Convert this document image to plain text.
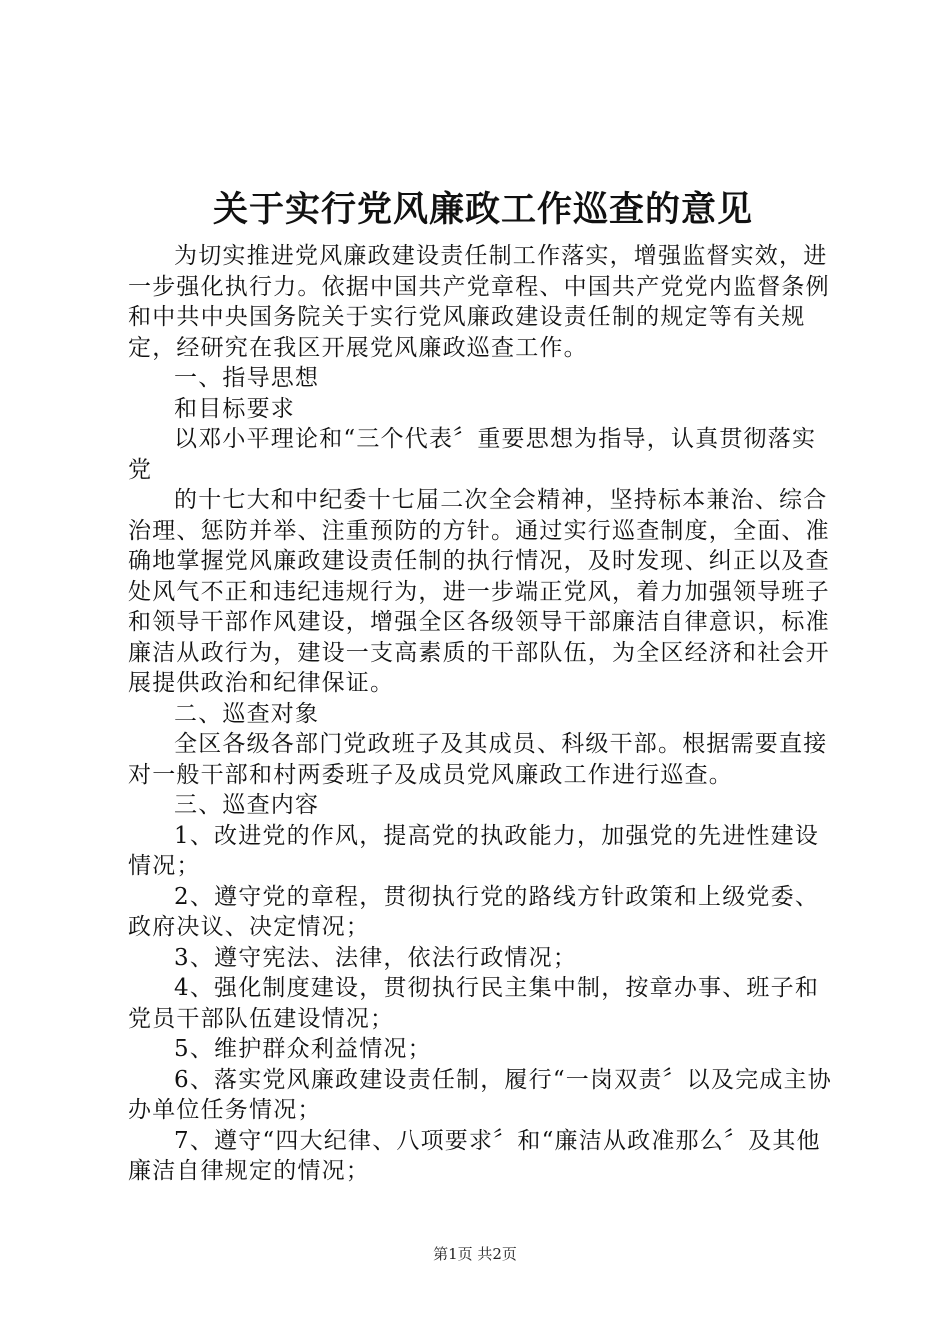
关于实行党风廉政工作巡查的意见

为切实推进党风廉政建设责任制工作落实，增强监督实效，进一步强化执行力。依据中国共产党章程、中国共产党党内监督条例和中共中央国务院关于实行党风廉政建设责任制的规定等有关规定，经研究在我区开展党风廉政巡查工作。

一、指导思想

和目标要求

以邓小平理论和“三个代表〞重要思想为指导，认真贯彻落实党

的十七大和中纪委十七届二次全会精神，坚持标本兼治、综合治理、惩防并举、注重预防的方针。通过实行巡查制度，全面、准确地掌握党风廉政建设责任制的执行情况，及时发现、纠正以及查处风气不正和违纪违规行为，进一步端正党风，着力加强领导班子和领导干部作风建设，增强全区各级领导干部廉洁自律意识，标准廉洁从政行为，建设一支高素质的干部队伍，为全区经济和社会开展提供政治和纪律保证。

二、巡查对象

全区各级各部门党政班子及其成员、科级干部。根据需要直接对一般干部和村两委班子及成员党风廉政工作进行巡查。

三、巡查内容

1、改进党的作风，提高党的执政能力，加强党的先进性建设情况；

2、遵守党的章程，贯彻执行党的路线方针政策和上级党委、政府决议、决定情况；

3、遵守宪法、法律，依法行政情况；

4、强化制度建设，贯彻执行民主集中制，按章办事、班子和党员干部队伍建设情况；

5、维护群众利益情况；

6、落实党风廉政建设责任制，履行“一岗双责〞以及完成主协办单位任务情况；

7、遵守“四大纪律、八项要求〞和“廉洁从政准那么〞及其他廉洁自律规定的情况；

第1页 共2页
